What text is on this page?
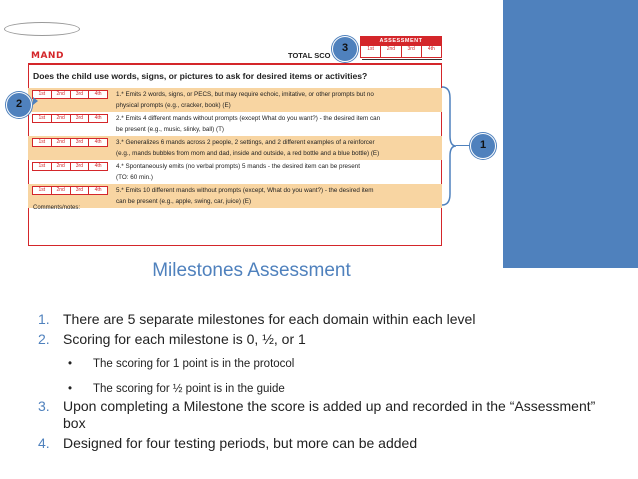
ASSESSMENT
1st	2nd	3rd	4th
MAND	TOTAL SCO
Does the child use words, signs, or pictures to ask for desired items or activities?
1st	2nd	3rd	4th	1.* Emits 2 words, signs, or PECS, but may require echoic, imitative, or other prompts but no
physical prompts (e.g., cracker, book) (E)
1st	2nd	3rd	4th	2.* Emits 4 different mands without prompts (except What do you want?) - the desired item can
be present (e.g., music, slinky, ball) (T)
1st	2nd	3rd	4th	3.* Generalizes 6 mands across 2 people, 2 settings, and 2 different examples of a reinforcer
(e.g., mands bubbles from mom and dad, inside and outside, a red bottle and a blue bottle) (E)
1st	2nd	3rd	4th	4.* Spontaneously emits (no verbal prompts) 5 mands - the desired item can be present
(TO: 60 min.)
1st	2nd	3rd	4th	5.* Emits 10 different mands without prompts (except, What do you want?) - the desired item
can be present (e.g., apple, swing, car, juice) (E)
Comments/notes:
2
3
1
Milestones Assessment
1. There are 5 separate milestones for each domain within each level
2. Scoring for each milestone is 0, ½, or 1
• The scoring for 1 point is in the protocol
• The scoring for ½ point is in the guide
3. Upon completing a Milestone the score is added up and recorded in the “Assessment” box
4. Designed for four testing periods, but more can be added
